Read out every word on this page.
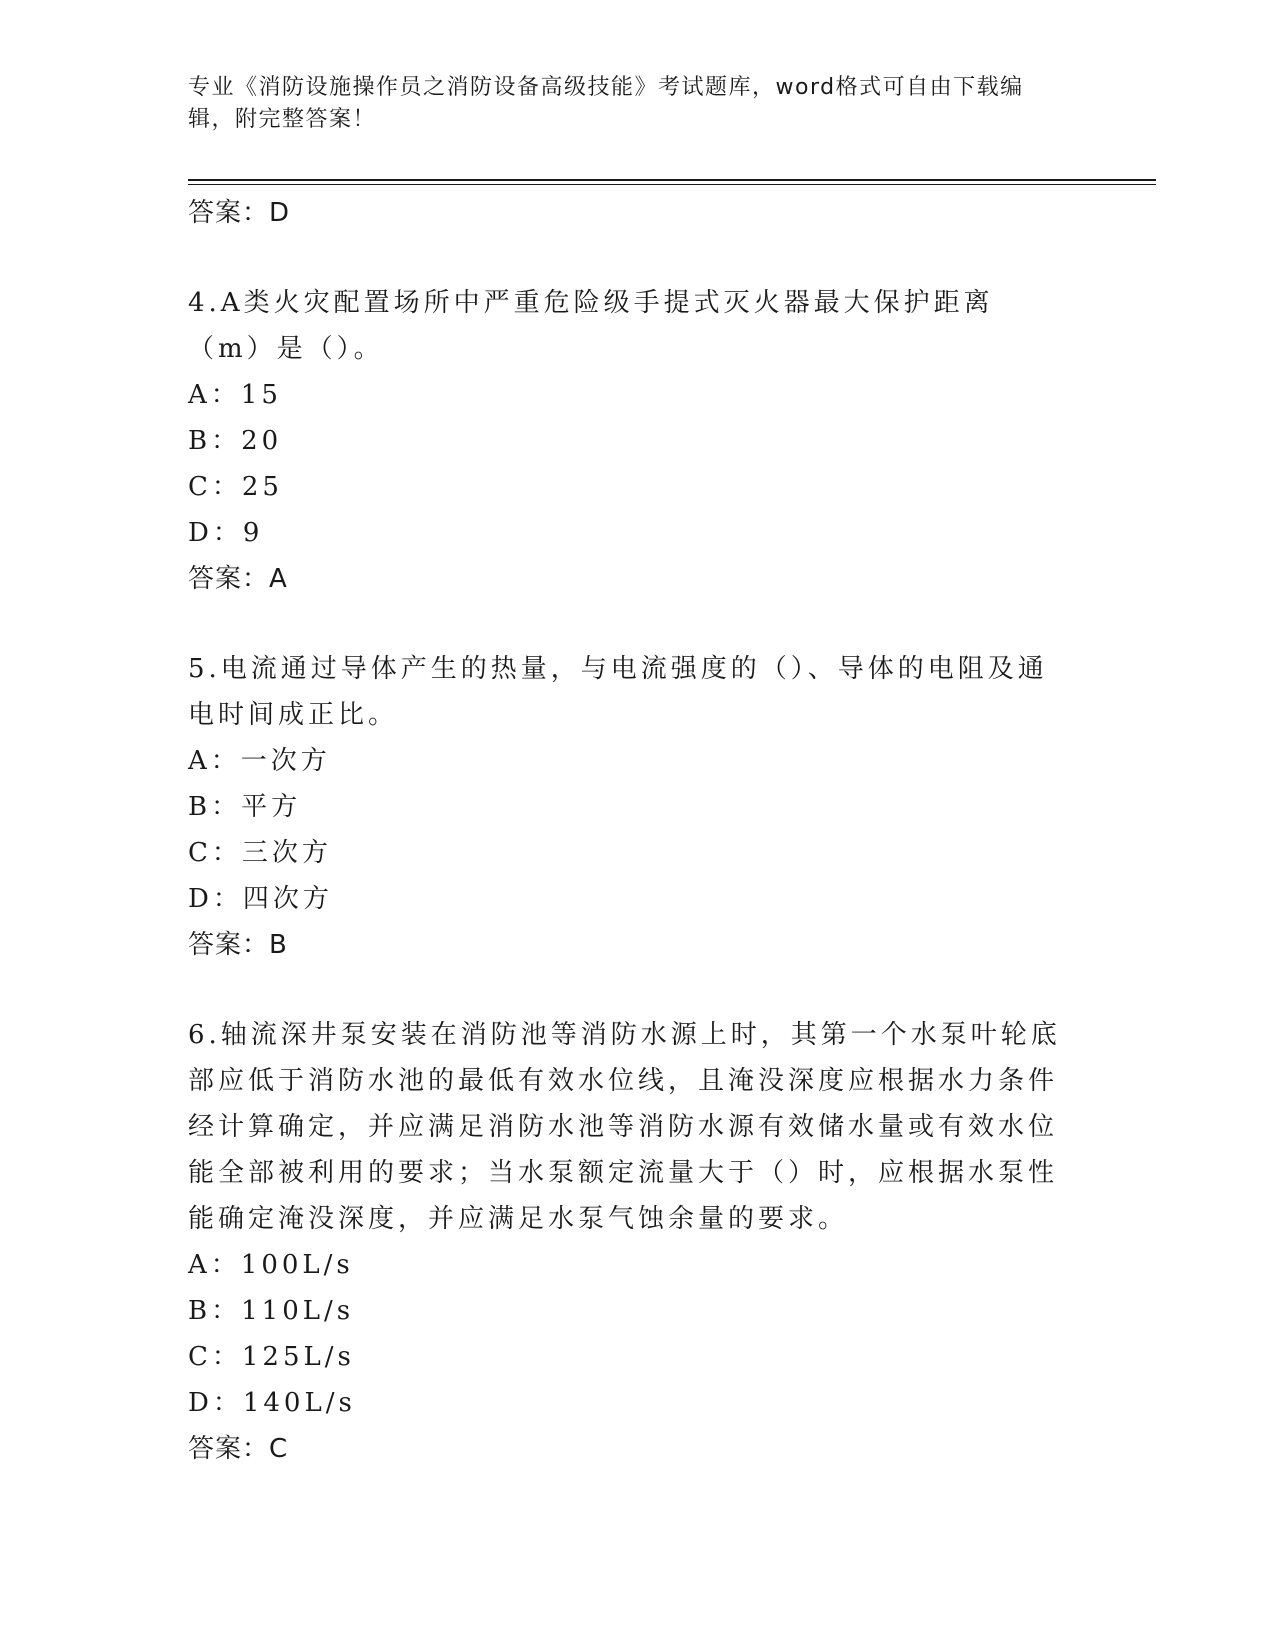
专业《消防设施操作员之消防设备高级技能》考试题库，word格式可自由下载编辑，附完整答案！

答案：D

4.A类火灾配置场所中严重危险级手提式灭火器最大保护距离（m）是（）。

A：15

B：20

C：25

D：9

答案：A

5.电流通过导体产生的热量，与电流强度的（）、导体的电阻及通电时间成正比。

A：一次方

B：平方

C：三次方

D：四次方

答案：B

6.轴流深井泵安装在消防池等消防水源上时，其第一个水泵叶轮底部应低于消防水池的最低有效水位线，且淹没深度应根据水力条件经计算确定，并应满足消防水池等消防水源有效储水量或有效水位能全部被利用的要求；当水泵额定流量大于（）时，应根据水泵性能确定淹没深度，并应满足水泵气蚀余量的要求。

A：100L/s

B：110L/s

C：125L/s

D：140L/s

答案：C
